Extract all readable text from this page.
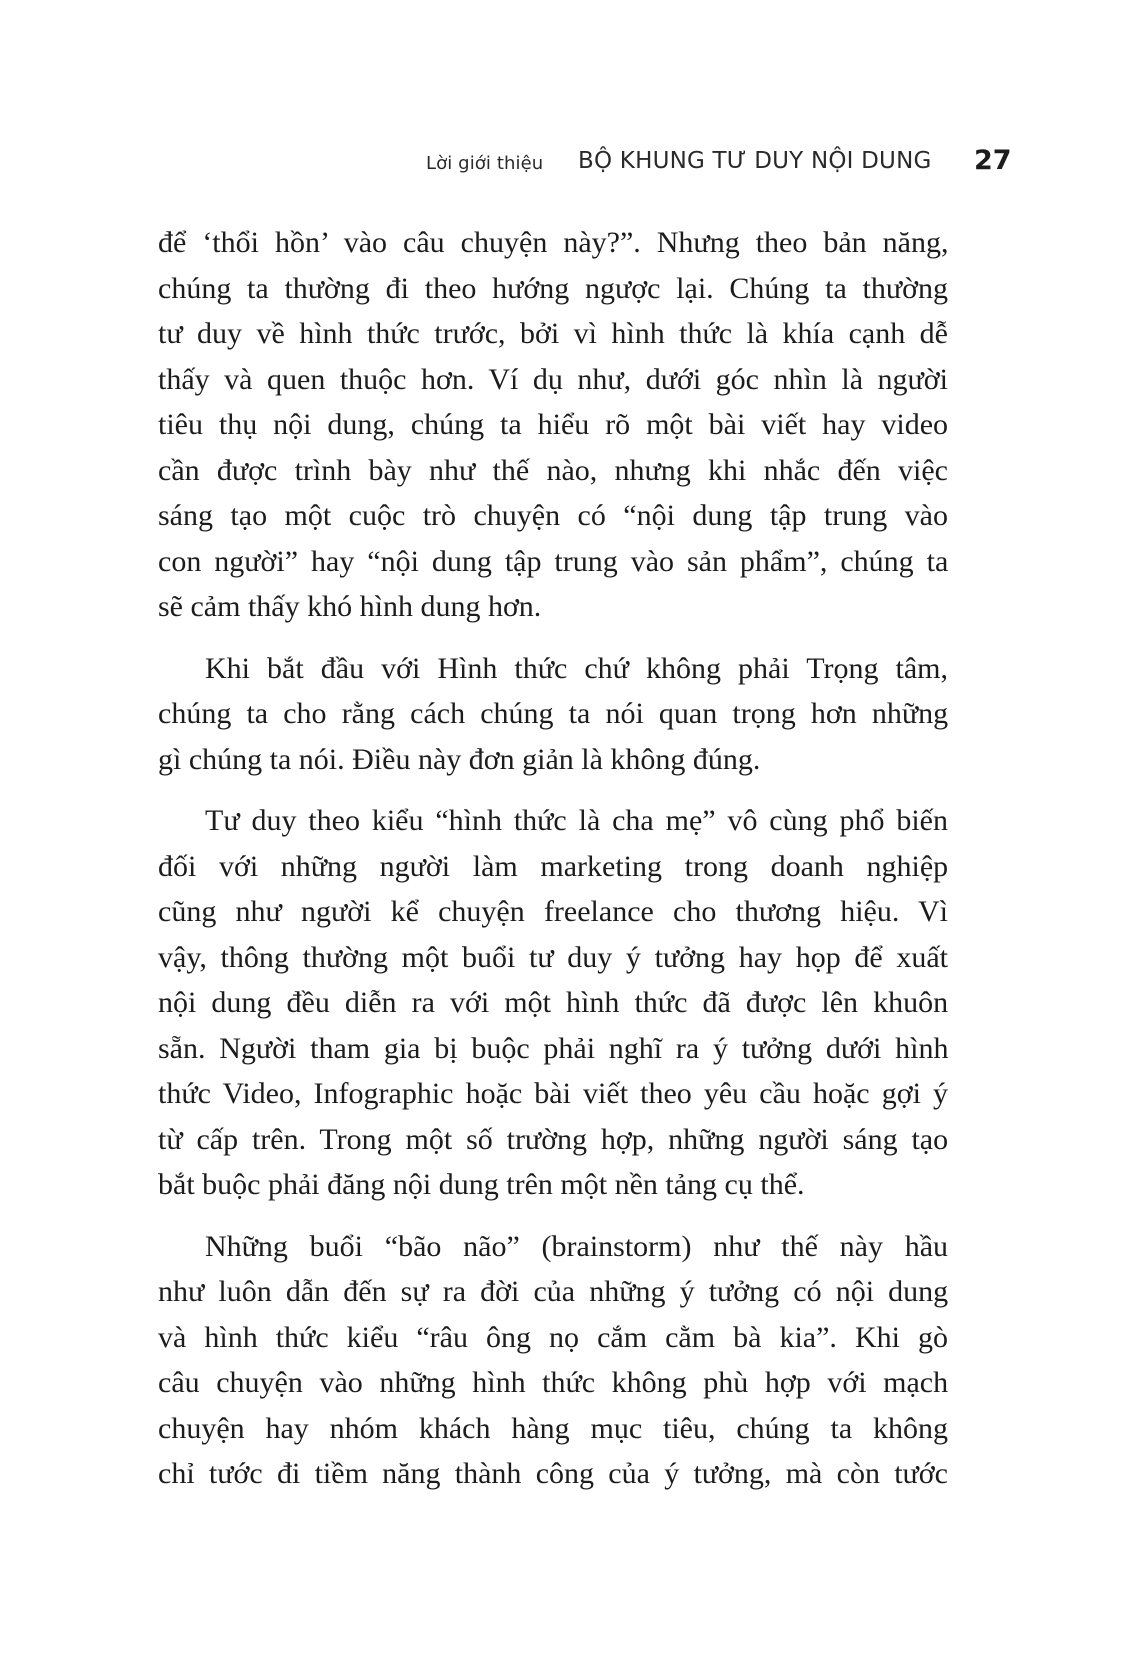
Lời giới thiệu BỘ KHUNG TƯ DUY NỘI DUNG 27
để ‘thổi hồn’ vào câu chuyện này?”. Nhưng theo bản năng,
chúng ta thường đi theo hướng ngược lại. Chúng ta thường
tư duy về hình thức trước, bởi vì hình thức là khía cạnh dễ
thấy và quen thuộc hơn. Ví dụ như, dưới góc nhìn là người
tiêu thụ nội dung, chúng ta hiểu rõ một bài viết hay video
cần được trình bày như thế nào, nhưng khi nhắc đến việc
sáng tạo một cuộc trò chuyện có “nội dung tập trung vào
con người” hay “nội dung tập trung vào sản phẩm”, chúng ta
sẽ cảm thấy khó hình dung hơn.
Khi bắt đầu với Hình thức chứ không phải Trọng tâm,
chúng ta cho rằng cách chúng ta nói quan trọng hơn những
gì chúng ta nói. Điều này đơn giản là không đúng.
Tư duy theo kiểu “hình thức là cha mẹ” vô cùng phổ biến
đối với những người làm marketing trong doanh nghiệp
cũng như người kể chuyện freelance cho thương hiệu. Vì
vậy, thông thường một buổi tư duy ý tưởng hay họp để xuất
nội dung đều diễn ra với một hình thức đã được lên khuôn
sẵn. Người tham gia bị buộc phải nghĩ ra ý tưởng dưới hình
thức Video, Infographic hoặc bài viết theo yêu cầu hoặc gợi ý
từ cấp trên. Trong một số trường hợp, những người sáng tạo
bắt buộc phải đăng nội dung trên một nền tảng cụ thể.
Những buổi “bão não” (brainstorm) như thế này hầu
như luôn dẫn đến sự ra đời của những ý tưởng có nội dung
và hình thức kiểu “râu ông nọ cắm cằm bà kia”. Khi gò
câu chuyện vào những hình thức không phù hợp với mạch
chuyện hay nhóm khách hàng mục tiêu, chúng ta không
chỉ tước đi tiềm năng thành công của ý tưởng, mà còn tước
